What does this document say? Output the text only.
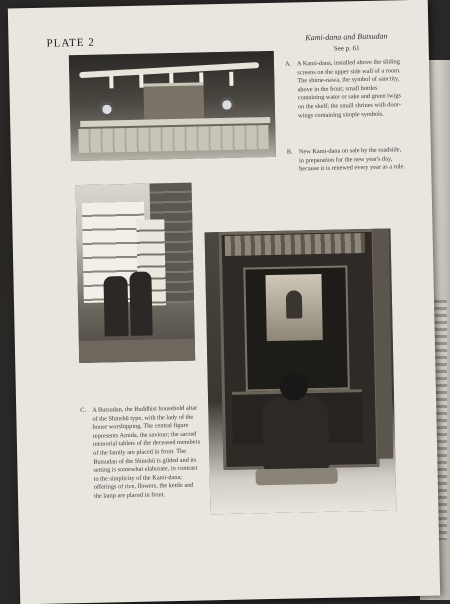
PLATE 2	Kami-dana and Butsudan
See p. 61
A. A Kami-dana, installed above the sliding screens on the upper side wall of a room. The shime-nawa, the symbol of sanctity, above in the front; small bottles containing water or sake and green twigs on the shelf; the small shrines with door-wings containing simple symbols.
B. New Kami-dana on sale by the roadside, in preparation for the new year's day, because it is renewed every year as a rule.
C. A Butsudan, the Buddhist household altar of the Shinshū type, with the lady of the house worshipping. The central figure represents Amida, the saviour; the sacred memorial tablets of the deceased members of the family are placed in front. The Butsudan of the Shinshū is gilded and its setting is somewhat elaborate, in contrast to the simplicity of the Kami-dana; offerings of rice, flowers, the kettle and the lamp are placed in front.
